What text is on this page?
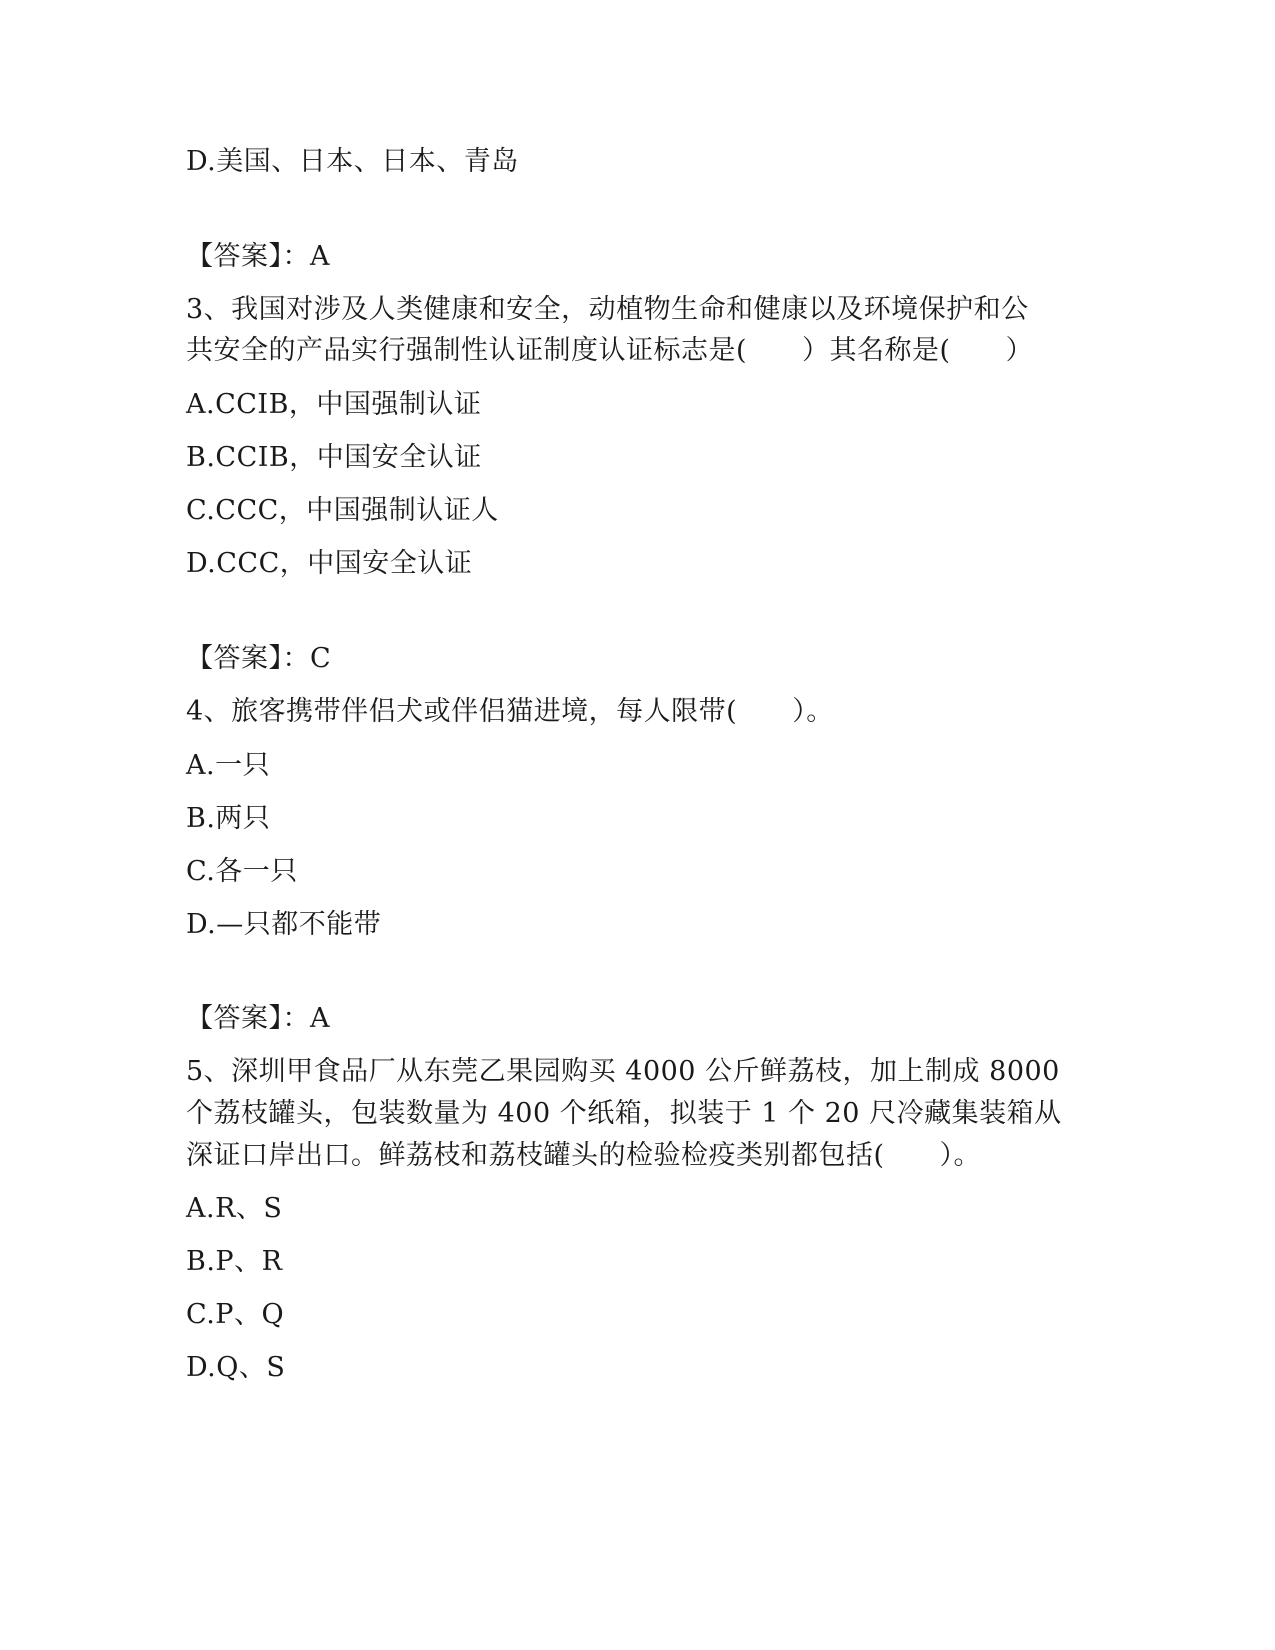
D.美国、日本、日本、青岛
【答案】：A
3、我国对涉及人类健康和安全，动植物生命和健康以及环境保护和公
共安全的产品实行强制性认证制度认证标志是(　　）其名称是(　　）
A.CCIB，中国强制认证
B.CCIB，中国安全认证
C.CCC，中国强制认证人
D.CCC，中国安全认证
【答案】：C
4、旅客携带伴侣犬或伴侣猫进境，每人限带(　　）。
A.一只
B.两只
C.各一只
D.—只都不能带
【答案】：A
5、深圳甲食品厂从东莞乙果园购买 4000 公斤鲜荔枝，加上制成 8000
个荔枝罐头，包装数量为 400 个纸箱，拟装于 1 个 20 尺冷藏集装箱从
深证口岸出口。鲜荔枝和荔枝罐头的检验检疫类别都包括(　　）。
A.R、S
B.P、R
C.P、Q
D.Q、S
